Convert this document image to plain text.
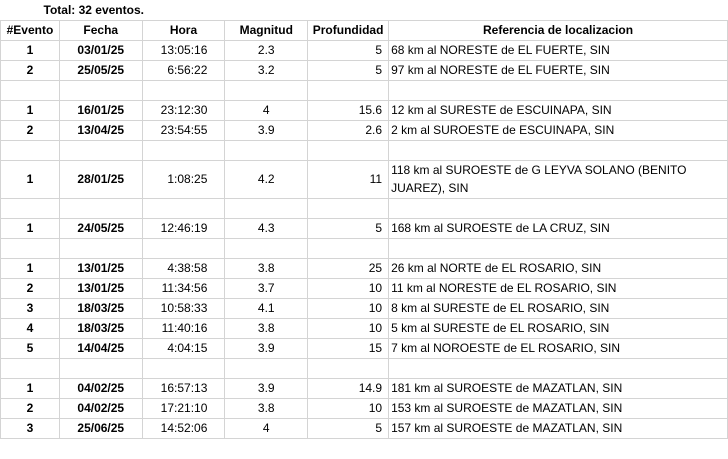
Total: 32 eventos.					
#Evento	Fecha	Hora	Magnitud	Profundidad	Referencia de localizacion
1	03/01/25	13:05:16	2.3	5	68 km al NORESTE de EL FUERTE, SIN
2	25/05/25	6:56:22	3.2	5	97 km al NORESTE de EL FUERTE, SIN

1	16/01/25	23:12:30	4	15.6	12 km al SURESTE de ESCUINAPA, SIN
2	13/04/25	23:54:55	3.9	2.6	2 km al SUROESTE de ESCUINAPA, SIN

1	28/01/25	1:08:25	4.2	11	118 km al SUROESTE de G LEYVA SOLANO (BENITO JUAREZ), SIN

1	24/05/25	12:46:19	4.3	5	168 km al SUROESTE de LA CRUZ, SIN

1	13/01/25	4:38:58	3.8	25	26 km al NORTE de EL ROSARIO, SIN
2	13/01/25	11:34:56	3.7	10	11 km al NORESTE de EL ROSARIO, SIN
3	18/03/25	10:58:33	4.1	10	8 km al SURESTE de EL ROSARIO, SIN
4	18/03/25	11:40:16	3.8	10	5 km al SURESTE de EL ROSARIO, SIN
5	14/04/25	4:04:15	3.9	15	7 km al NOROESTE de EL ROSARIO, SIN

1	04/02/25	16:57:13	3.9	14.9	181 km al SUROESTE de MAZATLAN, SIN
2	04/02/25	17:21:10	3.8	10	153 km al SUROESTE de MAZATLAN, SIN
3	25/06/25	14:52:06	4	5	157 km al SUROESTE de MAZATLAN, SIN
